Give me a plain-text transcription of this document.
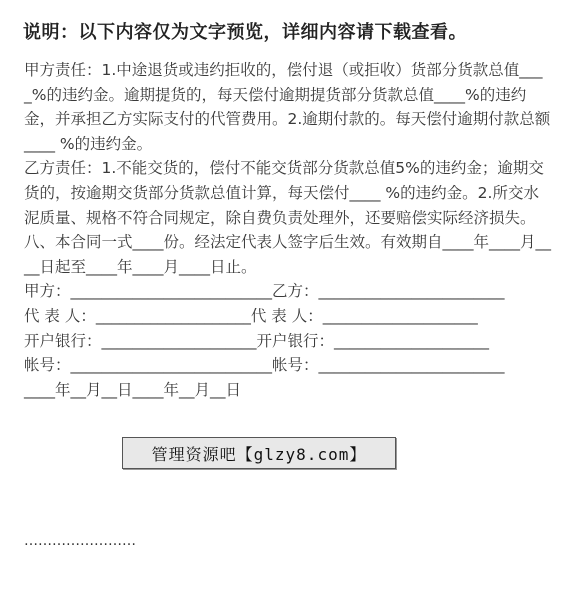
说明：以下内容仅为文字预览，详细内容请下载查看。

甲方责任：1.中途退货或违约拒收的，偿付退（或拒收）货部分货款总值____%的违约金。逾期提货的，每天偿付逾期提货部分货款总值____%的违约金，并承担乙方实际支付的代管费用。2.逾期付款的。每天偿付逾期付款总额____ %的违约金。

乙方责任：1.不能交货的，偿付不能交货部分货款总值5%的违约金；逾期交货的，按逾期交货部分货款总值计算，每天偿付____ %的违约金。2.所交水泥质量、规格不符合同规定，除自费负责处理外，还要赔偿实际经济损失。

八、本合同一式____份。经法定代表人签字后生效。有效期自____年____月____日起至____年____月____日止。

甲方：__________________________乙方：________________________

代 表 人：____________________代 表 人：____________________

开户银行：____________________开户银行：____________________

帐号：__________________________帐号：________________________

____年__月__日____年__月__日

……………………
管理资源吧【glzy8.com】
